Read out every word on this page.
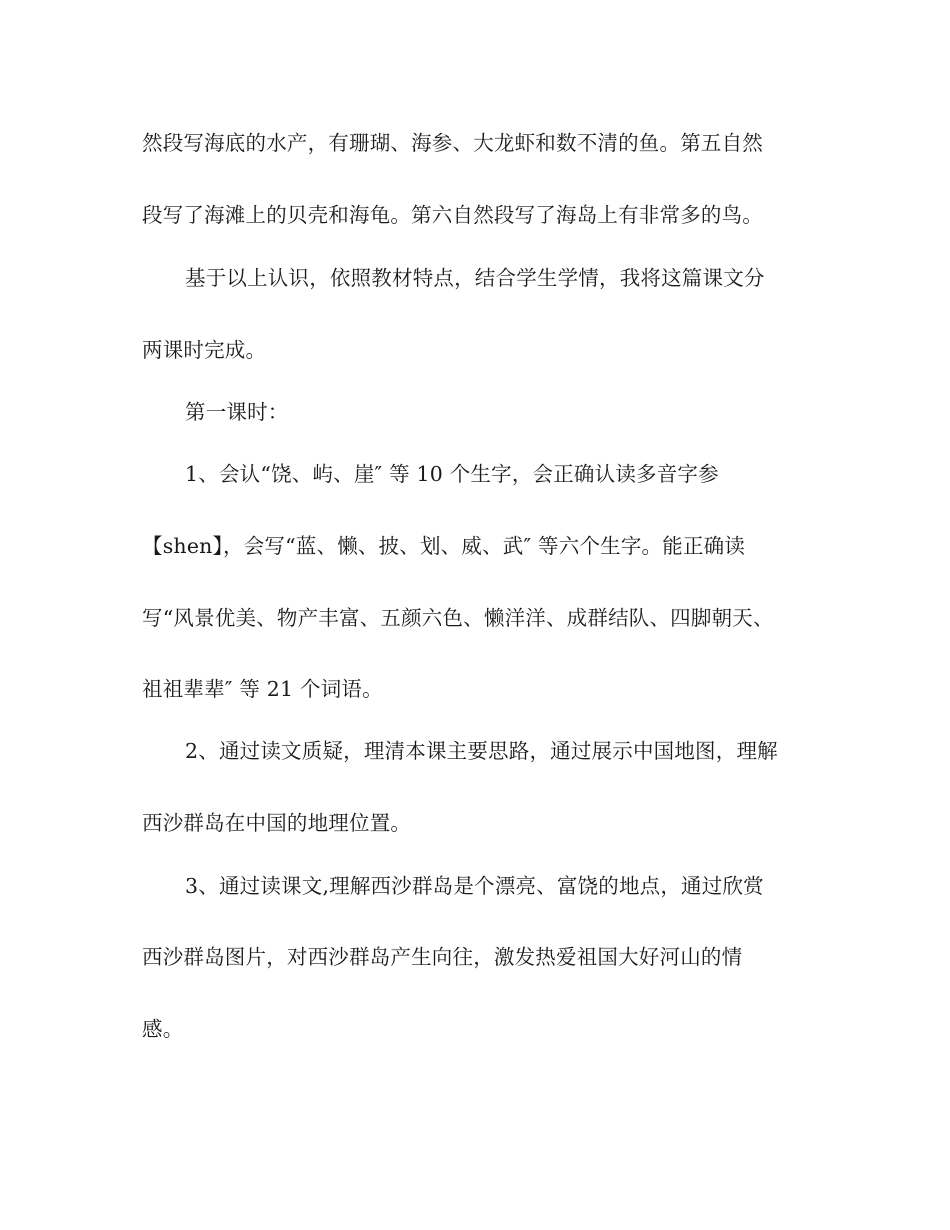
然段写海底的水产，有珊瑚、海参、大龙虾和数不清的鱼。第五自然
段写了海滩上的贝壳和海龟。第六自然段写了海岛上有非常多的鸟。
基于以上认识，依照教材特点，结合学生学情，我将这篇课文分
两课时完成。
第一课时：
1、会认“饶、屿、崖″ 等 10 个生字，会正确认读多音字参
【shen】，会写“蓝、懒、披、划、威、武″ 等六个生字。能正确读
写“风景优美、物产丰富、五颜六色、懒洋洋、成群结队、四脚朝天、
祖祖辈辈″ 等 21 个词语。
2、通过读文质疑，理清本课主要思路，通过展示中国地图，理解
西沙群岛在中国的地理位置。
3、通过读课文,理解西沙群岛是个漂亮、富饶的地点，通过欣赏
西沙群岛图片，对西沙群岛产生向往，激发热爱祖国大好河山的情
感。
